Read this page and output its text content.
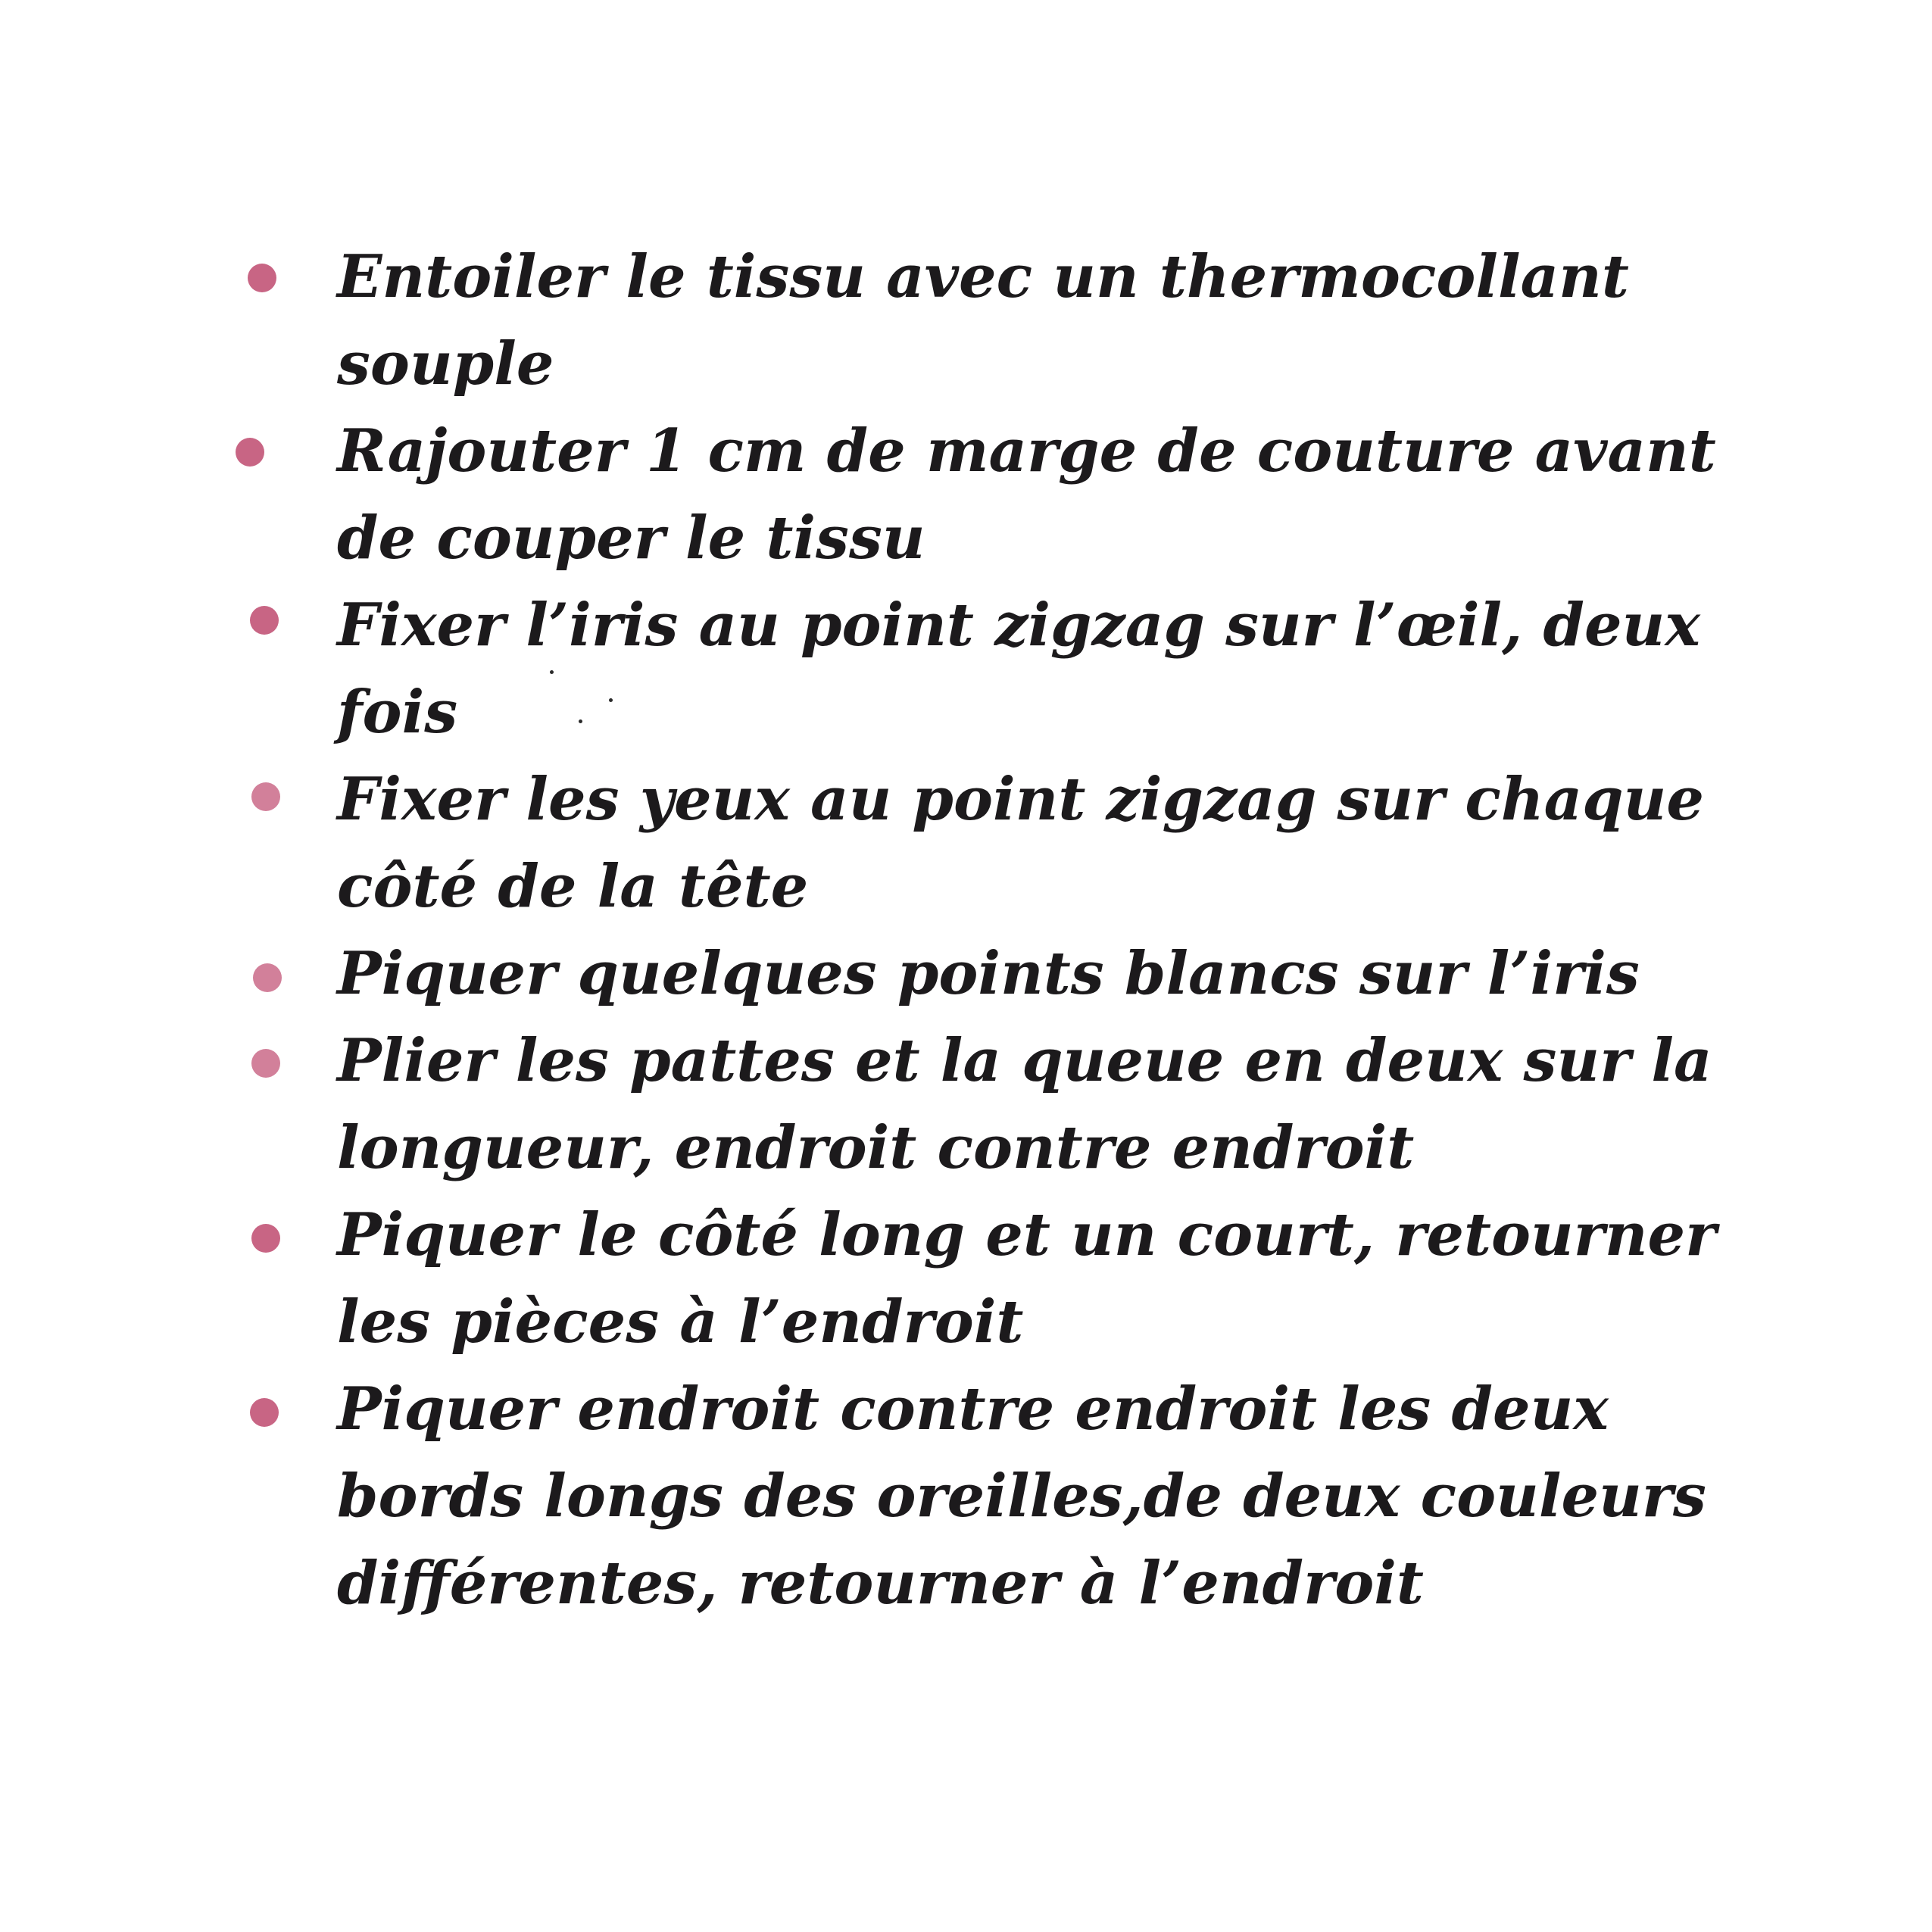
Entoiler le tissu avec un thermocollant
souple
Rajouter 1 cm de marge de couture avant
de couper le tissu
Fixer l’iris au point zigzag sur l’œil, deux
fois
Fixer les yeux au point zigzag sur chaque
côté de la tête
Piquer quelques points blancs sur l’iris
Plier les pattes et la queue en deux sur la
longueur, endroit contre endroit
Piquer le côté long et un court, retourner
les pièces à l’endroit
Piquer endroit contre endroit les deux
bords longs des oreilles,de deux couleurs
différentes, retourner à l’endroit
